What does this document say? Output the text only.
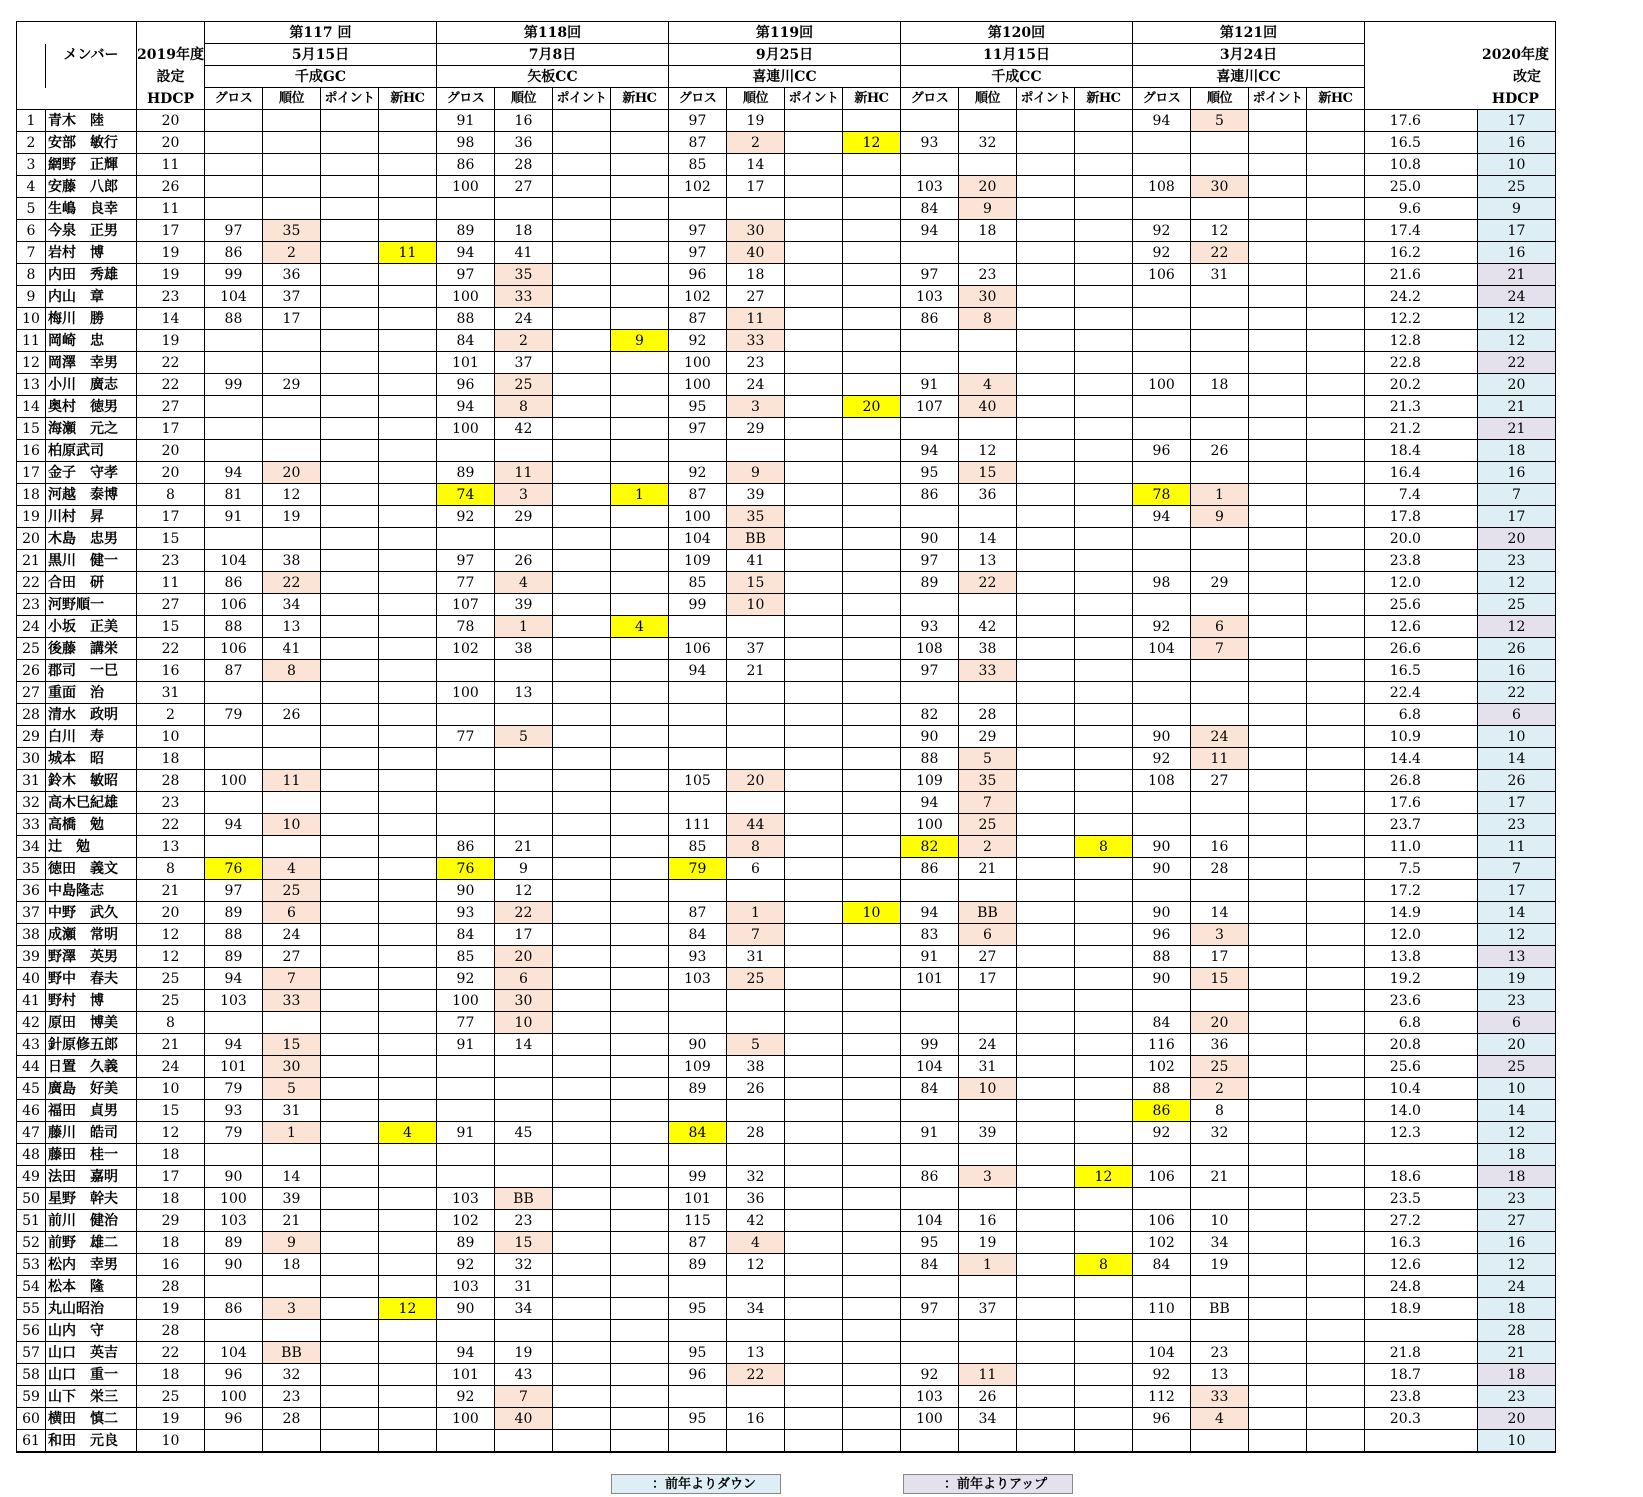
	メンバー		第117 回				第118回				第119回				第120回				第121回					
		2019年度	5月15日				7月8日				9月25日				11月15日				3月24日				2020年度	
		設定	千成GC				矢板CC				喜連川CC				千成CC				喜連川CC				改定	
		HDCP	グロス	順位	ポイント	新HC	グロス	順位	ポイント	新HC	グロス	順位	ポイント	新HC	グロス	順位	ポイント	新HC	グロス	順位	ポイント	新HC	HDCP	
1	青木　陸	20					91	16			97	19							94	5			17.6	17
2	安部　敏行	20					98	36			87	2		12	93	32							16.5	16
3	網野　正輝	11					86	28			85	14											10.8	10
4	安藤　八郎	26					100	27			102	17			103	20			108	30			25.0	25
5	生嶋　良幸	11													84	9							9.6	9
6	今泉　正男	17	97	35			89	18			97	30			94	18			92	12			17.4	17
7	岩村　博	19	86	2		11	94	41			97	40							92	22			16.2	16
8	内田　秀雄	19	99	36			97	35			96	18			97	23			106	31			21.6	21
9	内山　章	23	104	37			100	33			102	27			103	30							24.2	24
10	梅川　勝	14	88	17			88	24			87	11			86	8							12.2	12
11	岡崎　忠	19					84	2		9	92	33											12.8	12
12	岡澤　幸男	22					101	37			100	23											22.8	22
13	小川　廣志	22	99	29			96	25			100	24			91	4			100	18			20.2	20
14	奥村　徳男	27					94	8			95	3		20	107	40							21.3	21
15	海瀬　元之	17					100	42			97	29											21.2	21
16	柏原武司	20													94	12			96	26			18.4	18
17	金子　守孝	20	94	20			89	11			92	9			95	15							16.4	16
18	河越　泰博	8	81	12			74	3		1	87	39			86	36			78	1			7.4	7
19	川村　昇	17	91	19			92	29			100	35							94	9			17.8	17
20	木島　忠男	15									104	BB			90	14							20.0	20
21	黒川　健一	23	104	38			97	26			109	41			97	13							23.8	23
22	合田　研	11	86	22			77	4			85	15			89	22			98	29			12.0	12
23	河野順一	27	106	34			107	39			99	10											25.6	25
24	小坂　正美	15	88	13			78	1		4					93	42			92	6			12.6	12
25	後藤　講栄	22	106	41			102	38			106	37			108	38			104	7			26.6	26
26	郡司　一巳	16	87	8							94	21			97	33							16.5	16
27	重面　治	31					100	13															22.4	22
28	清水　政明	2	79	26											82	28							6.8	6
29	白川　寿	10					77	5							90	29			90	24			10.9	10
30	城本　昭	18													88	5			92	11			14.4	14
31	鈴木　敏昭	28	100	11							105	20			109	35			108	27			26.8	26
32	高木巳紀雄	23													94	7							17.6	17
33	高橋　勉	22	94	10							111	44			100	25							23.7	23
34	辻　勉	13					86	21			85	8			82	2		8	90	16			11.0	11
35	徳田　義文	8	76	4			76	9			79	6			86	21			90	28			7.5	7
36	中島隆志	21	97	25			90	12															17.2	17
37	中野　武久	20	89	6			93	22			87	1		10	94	BB			90	14			14.9	14
38	成瀬　常明	12	88	24			84	17			84	7			83	6			96	3			12.0	12
39	野澤　英男	12	89	27			85	20			93	31			91	27			88	17			13.8	13
40	野中　春夫	25	94	7			92	6			103	25			101	17			90	15			19.2	19
41	野村　博	25	103	33			100	30															23.6	23
42	原田　博美	8					77	10											84	20			6.8	6
43	針原修五郎	21	94	15			91	14			90	5			99	24			116	36			20.8	20
44	日置　久義	24	101	30							109	38			104	31			102	25			25.6	25
45	廣島　好美	10	79	5							89	26			84	10			88	2			10.4	10
46	福田　貞男	15	93	31															86	8			14.0	14
47	藤川　皓司	12	79	1		4	91	45			84	28			91	39			92	32			12.3	12
48	藤田　桂一	18																						18
49	法田　嘉明	17	90	14							99	32			86	3		12	106	21			18.6	18
50	星野　幹夫	18	100	39			103	BB			101	36											23.5	23
51	前川　健治	29	103	21			102	23			115	42			104	16			106	10			27.2	27
52	前野　雄二	18	89	9			89	15			87	4			95	19			102	34			16.3	16
53	松内　幸男	16	90	18			92	32			89	12			84	1		8	84	19			12.6	12
54	松本　隆	28					103	31															24.8	24
55	丸山昭治	19	86	3		12	90	34			95	34			97	37			110	BB			18.9	18
56	山内　守	28																						28
57	山口　英吉	22	104	BB			94	19			95	13							104	23			21.8	21
58	山口　重一	18	96	32			101	43			96	22			92	11			92	13			18.7	18
59	山下　栄三	25	100	23			92	7							103	26			112	33			23.8	23
60	横田　慎二	19	96	28			100	40			95	16			100	34			96	4			20.3	20
61	和田　元良	10																						10
：前年よりダウン	：前年よりアップ
